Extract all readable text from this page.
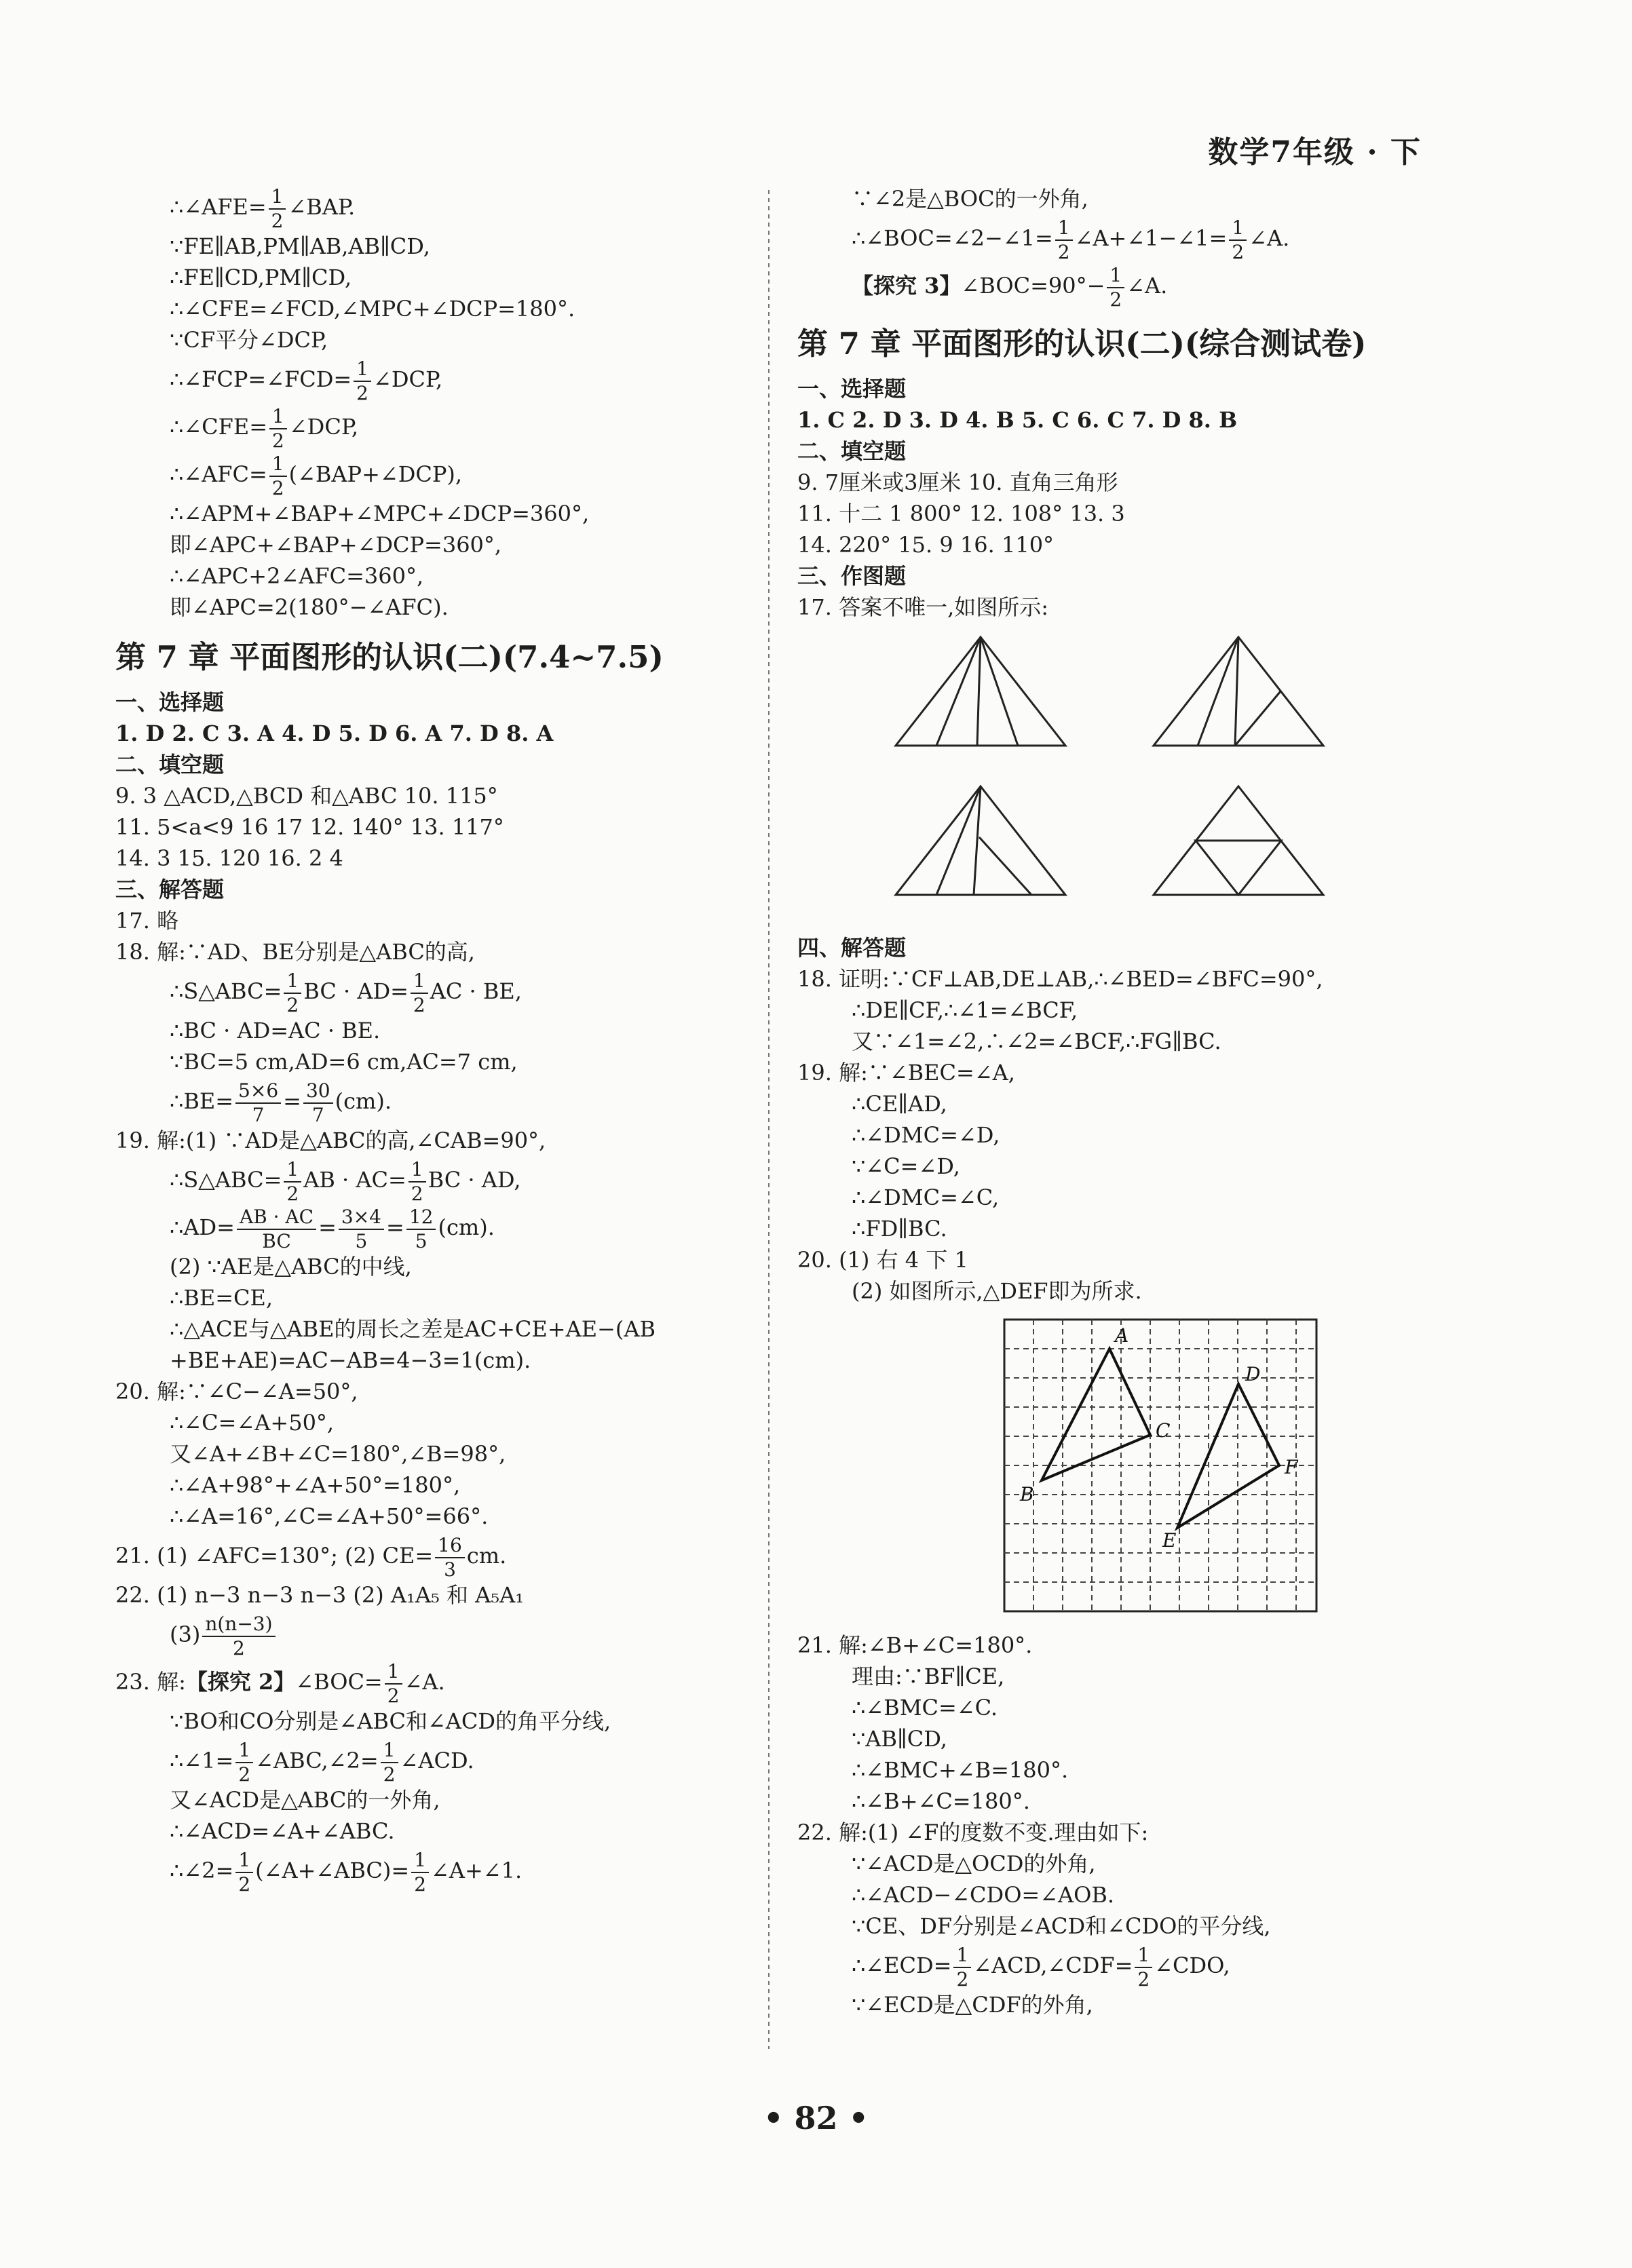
数学7年级 · 下
∴∠AFE= $\frac{1}{2}$ ∠BAP.
∵FE∥AB,PM∥AB,AB∥CD,
∴FE∥CD,PM∥CD,
∴∠CFE=∠FCD,∠MPC+∠DCP=180°.
∵CF平分∠DCP,
∴∠FCP=∠FCD= $\frac{1}{2}$ ∠DCP,
∴∠CFE= $\frac{1}{2}$ ∠DCP,
∴∠AFC= $\frac{1}{2}$ (∠BAP+∠DCP),
∴∠APM+∠BAP+∠MPC+∠DCP=360°,
即∠APC+∠BAP+∠DCP=360°,
∴∠APC+2∠AFC=360°,
即∠APC=2(180°−∠AFC).
第 7 章 平面图形的认识(二)(7.4~7.5)
一、选择题
1. D 2. C 3. A 4. D 5. D 6. A 7. D 8. A
二、填空题
9. 3 △ACD,△BCD 和△ABC 10. 115°
11. 5<a<9 16 17 12. 140° 13. 117°
14. 3 15. 120 16. 2 4
三、解答题
17. 略
18. 解:∵AD、BE分别是△ABC的高,
∴S△ABC= $\frac{1}{2}$ BC · $AD= \frac{1}{2}$ AC · BE,
∴BC · AD=AC · BE.
∵BC=5 cm,AD=6 cm,AC=7 cm,
∴BE= $\frac{5\times 6}{7} = \frac{30}{7} (cm)$.
19. 解:(1) ∵AD是△ABC的高,∠CAB=90°,
∴S△ABC= $\frac{1}{2}$ AB · $AC= \frac{1}{2}$ BC · AD,
∴AD= $\frac{AB \cdot AC}{BC} = \frac{3\times 4}{5} = \frac{12}{5} (cm)$.
(2) ∵AE是△ABC的中线,
∴BE=CE,
∴△ACE与△ABE的周长之差是AC+CE+AE−(AB
+BE+AE)=AC−AB=4−3=1(cm).
20. 解:∵∠C−∠A=50°,
∴∠C=∠A+50°,
又∠A+∠B+∠C=180°,∠B=98°,
∴∠A+98°+∠A+50°=180°,
∴∠A=16°,∠C=∠A+50°=66°.
21. (1) ∠AFC=130°; (2) $CE= \frac{16}{3}$ cm.
22. (1) n−3 n−3 n−3 (2) A₁A₅ 和 A₅A₁
$(3) \frac{n(n-3)}{2}$
23. 解:【探究 2】∠BOC= $\frac{1}{2}$ ∠A.
∵BO和CO分别是∠ABC和∠ACD的角平分线,
∴∠1= $\frac{1}{2}$ ∠ABC,∠2= $\frac{1}{2}$ ∠ACD.
又∠ACD是△ABC的一外角,
∴∠ACD=∠A+∠ABC.
∴∠2= $\frac{1}{2}$ (∠A+∠ABC)= $\frac{1}{2}$ ∠A+∠1.
∵∠2是△BOC的一外角,
∴∠BOC=∠2−∠1= $\frac{1}{2}$ ∠A+∠1−∠1= $\frac{1}{2}$ ∠A.
【探究 3】∠BOC=90°− $\frac{1}{2}$ ∠A.
第 7 章 平面图形的认识(二)(综合测试卷)
一、选择题
1. C 2. D 3. D 4. B 5. C 6. C 7. D 8. B
二、填空题
9. 7厘米或3厘米 10. 直角三角形
11. 十二 1 800° 12. 108° 13. 3
14. 220° 15. 9 16. 110°
三、作图题
17. 答案不唯一,如图所示:
四、解答题
18. 证明:∵CF⊥AB,DE⊥AB,∴∠BED=∠BFC=90°,
∴DE∥CF,∴∠1=∠BCF,
又∵∠1=∠2,∴∠2=∠BCF,∴FG∥BC.
19. 解:∵∠BEC=∠A,
∴CE∥AD,
∴∠DMC=∠D,
∵∠C=∠D,
∴∠DMC=∠C,
∴FD∥BC.
20. (1) 右 4 下 1
(2) 如图所示,△DEF即为所求.
A
B
C
D
E
F
21. 解:∠B+∠C=180°.
理由:∵BF∥CE,
∴∠BMC=∠C.
∵AB∥CD,
∴∠BMC+∠B=180°.
∴∠B+∠C=180°.
22. 解:(1) ∠F的度数不变.理由如下:
∵∠ACD是△OCD的外角,
∴∠ACD−∠CDO=∠AOB.
∵CE、DF分别是∠ACD和∠CDO的平分线,
∴∠ECD= $\frac{1}{2}$ ∠ACD,∠CDF= $\frac{1}{2}$ ∠CDO,
∵∠ECD是△CDF的外角,
• 82 •
